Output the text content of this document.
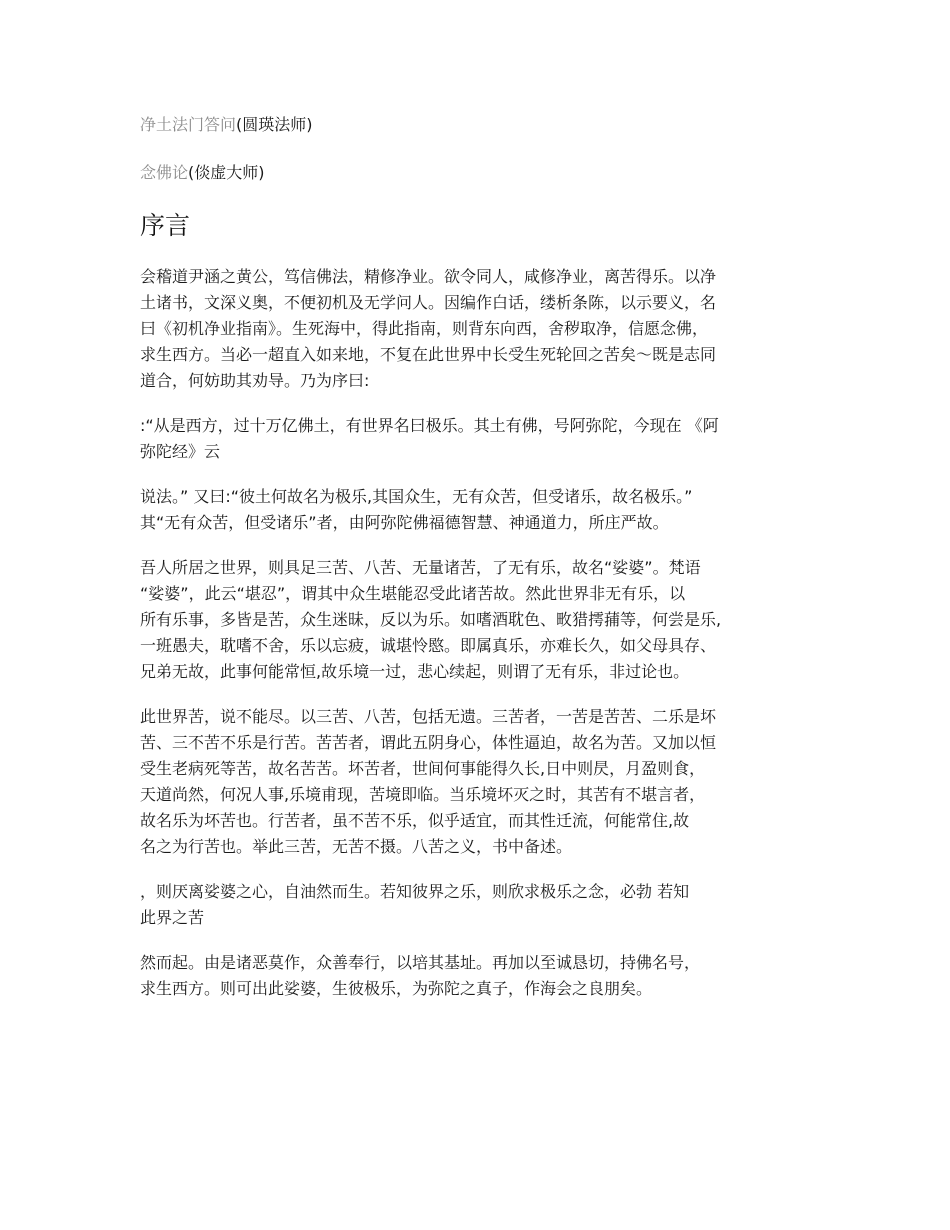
净土法门答问(圆瑛法师)
念佛论(倓虚大师)
序言

会稽道尹涵之黄公，笃信佛法，精修净业。欲令同人，咸修净业，离苦得乐。以净
土诸书，文深义奥，不便初机及无学问人。因编作白话，缕析条陈，以示要义，名
曰《初机净业指南》。生死海中，得此指南，则背东向西，舍秽取净，信愿念佛，
求生西方。当必一超直入如来地，不复在此世界中长受生死轮回之苦矣～既是志同
道合，何妨助其劝导。乃为序曰:

:“从是西方，过十万亿佛土，有世界名曰极乐。其土有佛，号阿弥陀，今现在 《阿
弥陀经》云

说法。” 又曰:“彼土何故名为极乐,其国众生，无有众苦，但受诸乐，故名极乐。”
其“无有众苦，但受诸乐”者，由阿弥陀佛福德智慧、神通道力，所庄严故。

吾人所居之世界，则具足三苦、八苦、无量诸苦，了无有乐，故名“娑婆”。梵语
“娑婆”，此云“堪忍”，谓其中众生堪能忍受此诸苦故。然此世界非无有乐，以
所有乐事，多皆是苦，众生迷昧，反以为乐。如嗜酒耽色、畋猎摴蒱等，何尝是乐,
一班愚夫，耽嗜不舍，乐以忘疲，诚堪怜愍。即属真乐，亦难长久，如父母具存、
兄弟无故，此事何能常恒,故乐境一过，悲心续起，则谓了无有乐，非过论也。

此世界苦，说不能尽。以三苦、八苦，包括无遗。三苦者，一苦是苦苦、二乐是坏
苦、三不苦不乐是行苦。苦苦者，谓此五阴身心，体性逼迫，故名为苦。又加以恒
受生老病死等苦，故名苦苦。坏苦者，世间何事能得久长,日中则昃，月盈则食，
天道尚然，何况人事,乐境甫现，苦境即临。当乐境坏灭之时，其苦有不堪言者，
故名乐为坏苦也。行苦者，虽不苦不乐，似乎适宜，而其性迁流，何能常住,故
名之为行苦也。举此三苦，无苦不摄。八苦之义，书中备述。

，则厌离娑婆之心，自油然而生。若知彼界之乐，则欣求极乐之念，必勃 若知
此界之苦

然而起。由是诸恶莫作，众善奉行，以培其基址。再加以至诚恳切，持佛名号，
求生西方。则可出此娑婆，生彼极乐，为弥陀之真子，作海会之良朋矣。
